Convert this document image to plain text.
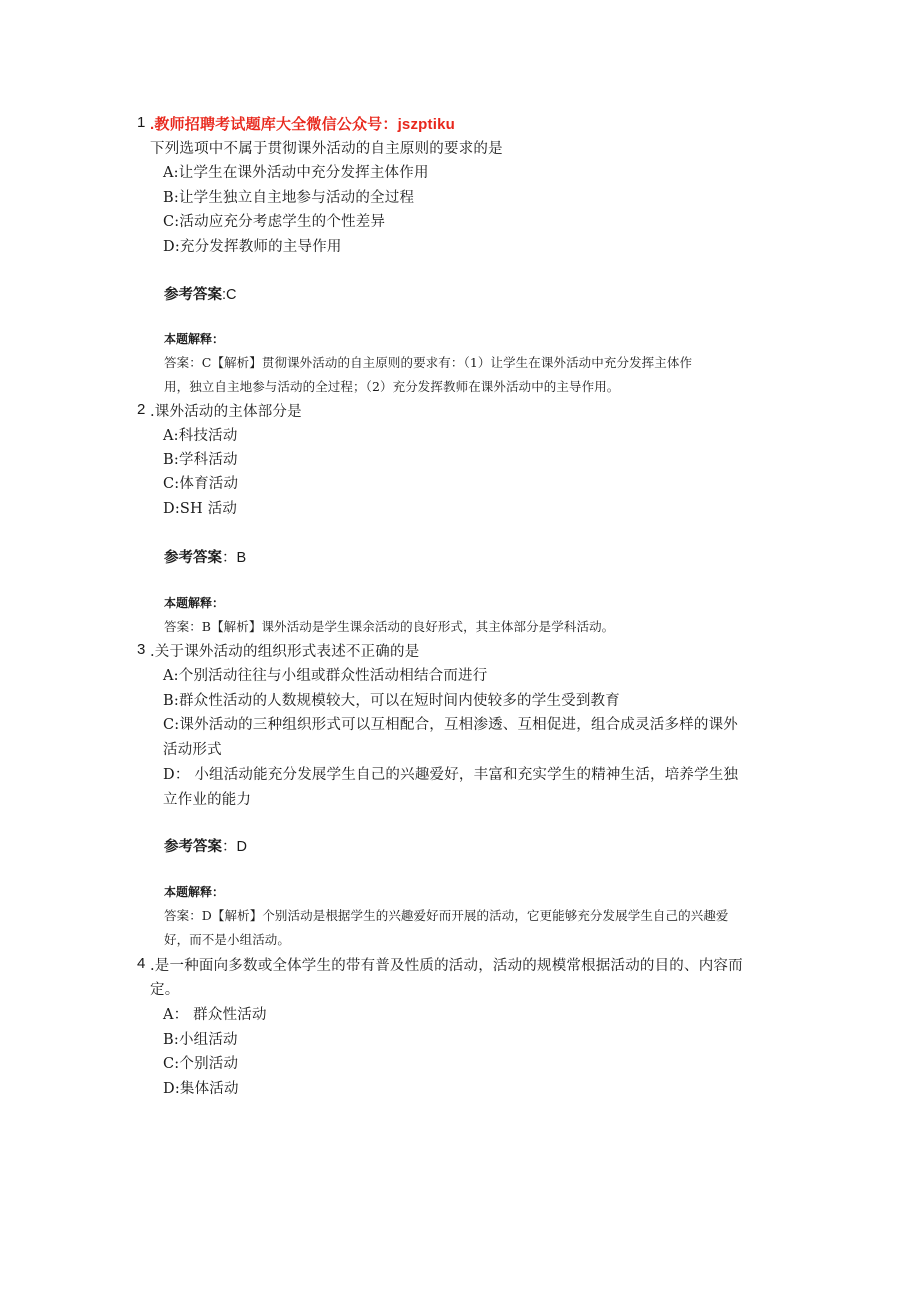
1 .教师招聘考试题库大全微信公众号：jszptiku
下列选项中不属于贯彻课外活动的自主原则的要求的是
A:让学生在课外活动中充分发挥主体作用
B:让学生独立自主地参与活动的全过程
C:活动应充分考虑学生的个性差异
D:充分发挥教师的主导作用
参考答案:C
本题解释：
答案：C【解析】贯彻课外活动的自主原则的要求有：（1）让学生在课外活动中充分发挥主体作
用，独立自主地参与活动的全过程；（2）充分发挥教师在课外活动中的主导作用。
2 .课外活动的主体部分是
A:科技活动
B:学科活动
C:体育活动
D:SH 活动
参考答案：B
本题解释：
答案：B【解析】课外活动是学生课余活动的良好形式，其主体部分是学科活动。
3 .关于课外活动的组织形式表述不正确的是
A:个别活动往往与小组或群众性活动相结合而进行
B:群众性活动的人数规模较大，可以在短时间内使较多的学生受到教育
C:课外活动的三种组织形式可以互相配合，互相渗透、互相促进，组合成灵活多样的课外
活动形式
D： 小组活动能充分发展学生自己的兴趣爱好，丰富和充实学生的精神生活，培养学生独
立作业的能力
参考答案：D
本题解释：
答案：D【解析】个别活动是根据学生的兴趣爱好而开展的活动，它更能够充分发展学生自己的兴趣爱
好，而不是小组活动。
4 .是一种面向多数或全体学生的带有普及性质的活动，活动的规模常根据活动的目的、内容而
定。
A： 群众性活动
B:小组活动
C:个别活动
D:集体活动
